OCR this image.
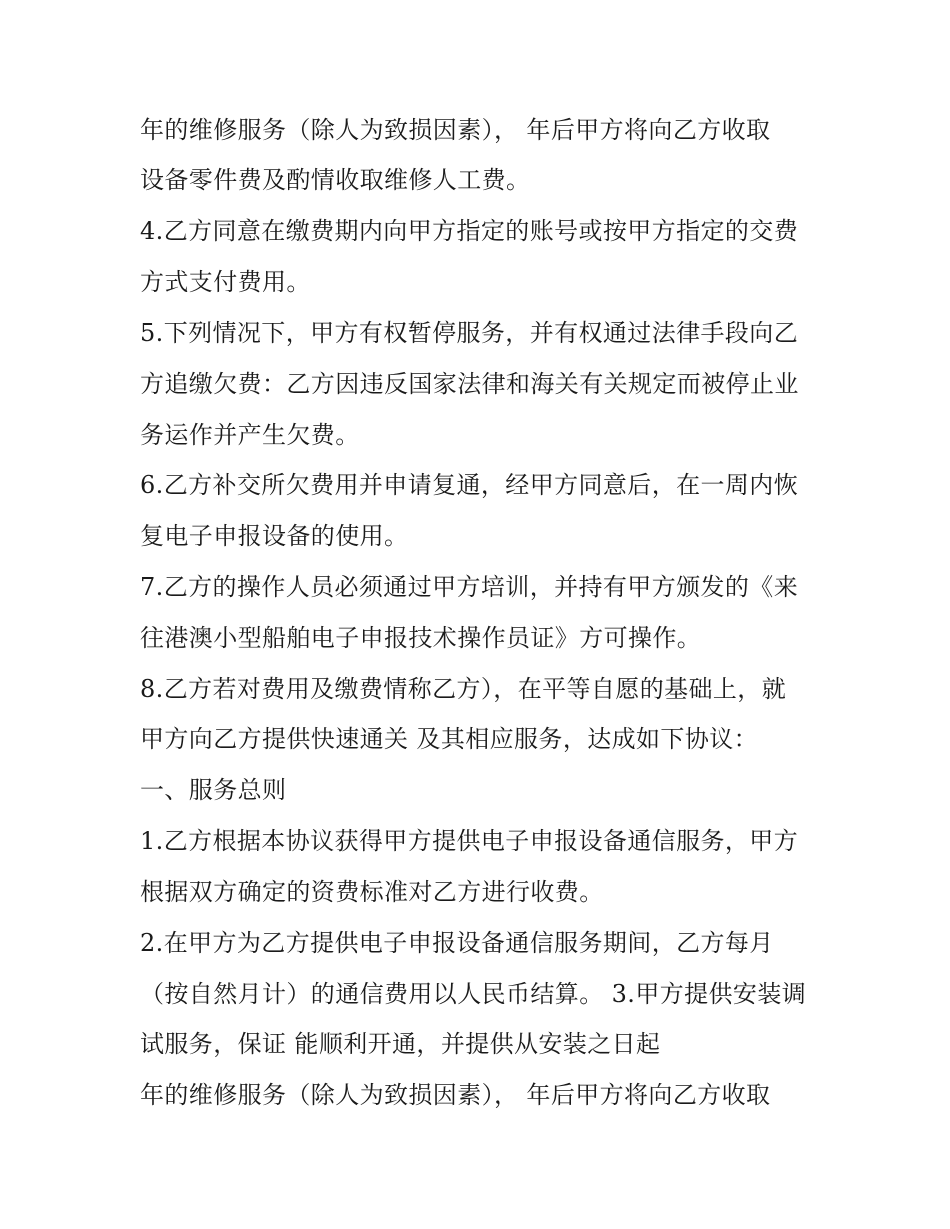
年的维修服务（除人为致损因素）， 年后甲方将向乙方收取
设备零件费及酌情收取维修人工费。
4.乙方同意在缴费期内向甲方指定的账号或按甲方指定的交费
方式支付费用。
5.下列情况下，甲方有权暂停服务，并有权通过法律手段向乙
方追缴欠费：乙方因违反国家法律和海关有关规定而被停止业
务运作并产生欠费。
6.乙方补交所欠费用并申请复通，经甲方同意后，在一周内恢
复电子申报设备的使用。
7.乙方的操作人员必须通过甲方培训，并持有甲方颁发的《来
往港澳小型船舶电子申报技术操作员证》方可操作。
8.乙方若对费用及缴费情称乙方），在平等自愿的基础上，就
甲方向乙方提供快速通关 及其相应服务，达成如下协议：
一、服务总则
1.乙方根据本协议获得甲方提供电子申报设备通信服务，甲方
根据双方确定的资费标准对乙方进行收费。
2.在甲方为乙方提供电子申报设备通信服务期间，乙方每月
（按自然月计）的通信费用以人民币结算。 3.甲方提供安装调
试服务，保证 能顺利开通，并提供从安装之日起
年的维修服务（除人为致损因素）， 年后甲方将向乙方收取
